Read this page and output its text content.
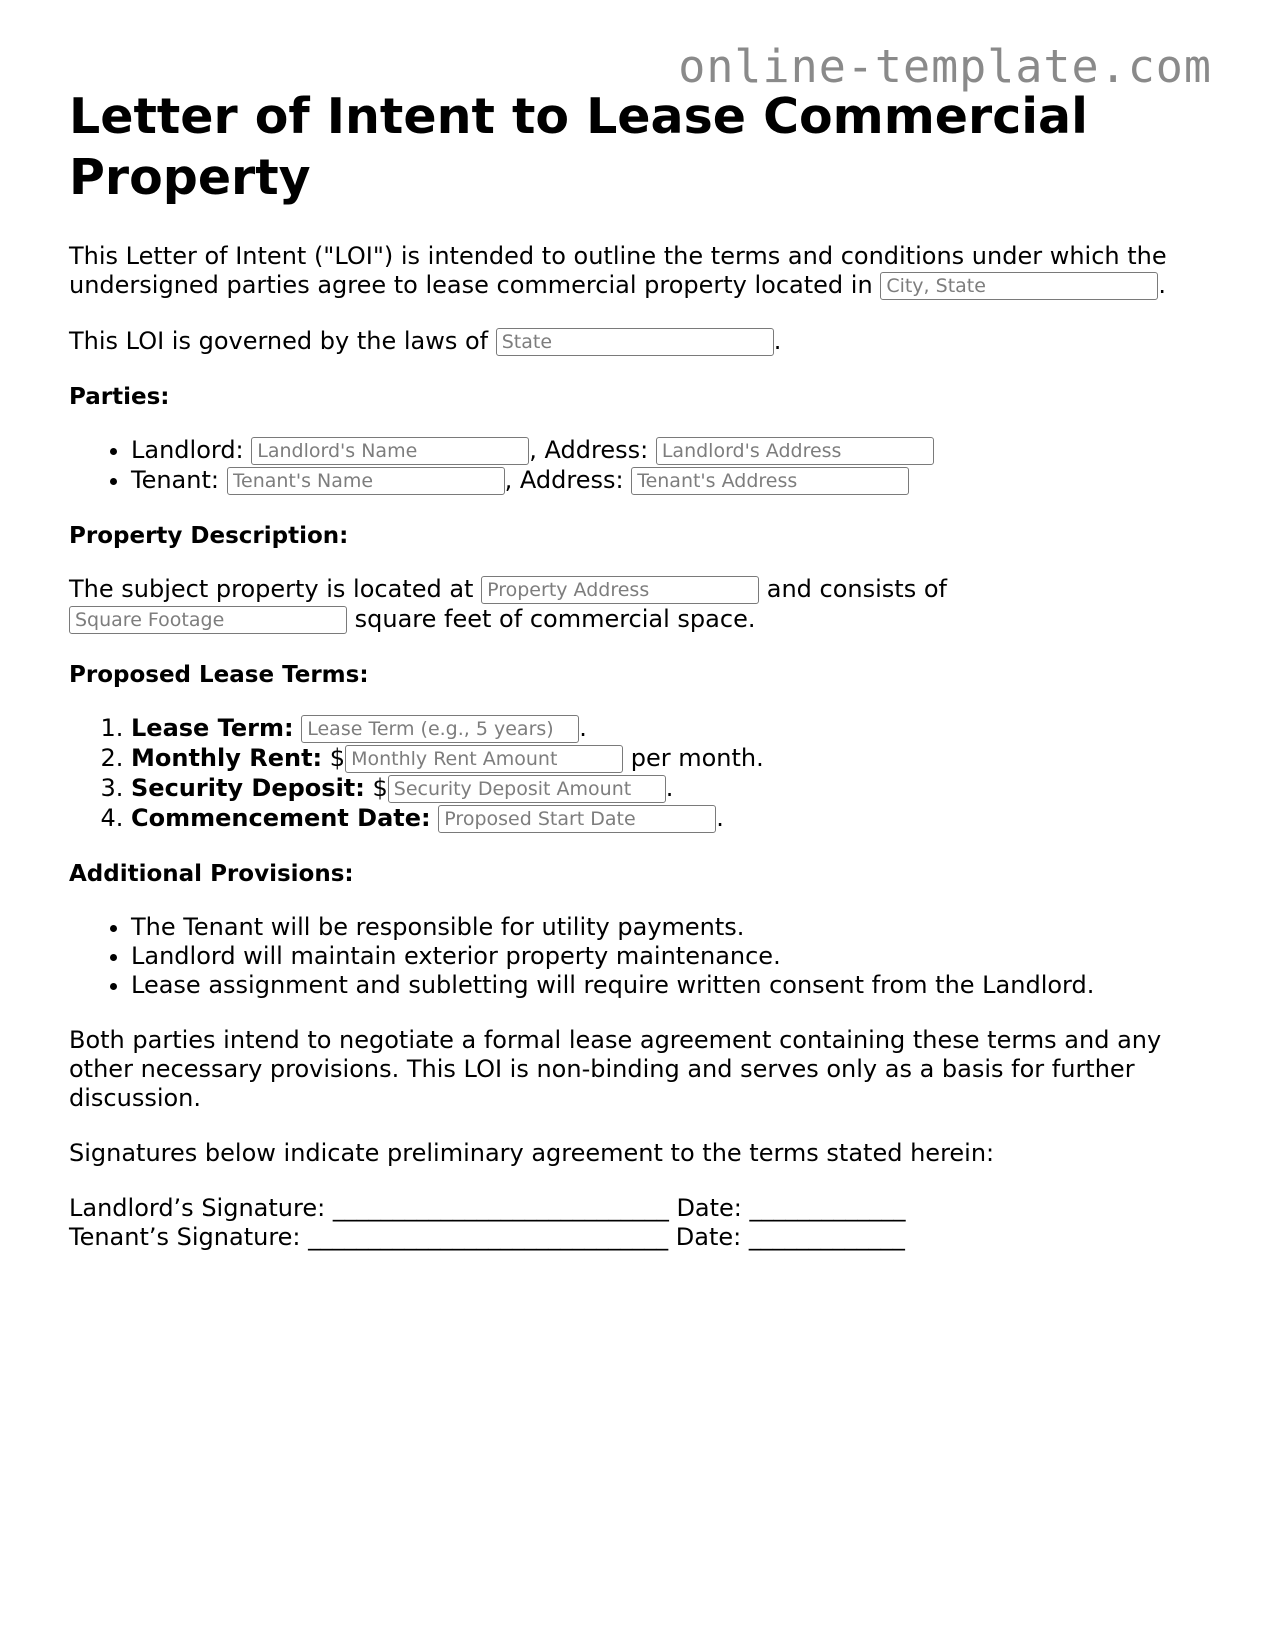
online-template.com
Letter of Intent to Lease Commercial Property

This Letter of Intent ("LOI") is intended to outline the terms and conditions under which the undersigned parties agree to lease commercial property located in City, State	.

This LOI is governed by the laws of State	.

Parties:
• Landlord: Landlord's Name	, Address: Landlord's Address
• Tenant: Tenant's Name	, Address: Tenant's Address
Property Description:

The subject property is located at Property Address	and consists of Square Footage square feet of commercial space.

Proposed Lease Terms:
1. Lease Term: Lease Term (e.g., 5 years)	.
2. Monthly Rent: $Monthly Rent Amount	per month.
3. Security Deposit: $Security Deposit Amount	.
4. Commencement Date: Proposed Start Date	.
Additional Provisions:
• The Tenant will be responsible for utility payments.
• Landlord will maintain exterior property maintenance.
• Lease assignment and subletting will require written consent from the Landlord.

Both parties intend to negotiate a formal lease agreement containing these terms and any other necessary provisions. This LOI is non-binding and serves only as a basis for further discussion.

Signatures below indicate preliminary agreement to the terms stated herein:

Landlord’s Signature: ____________________________ Date: _____________
Tenant’s Signature: ______________________________ Date: _____________
